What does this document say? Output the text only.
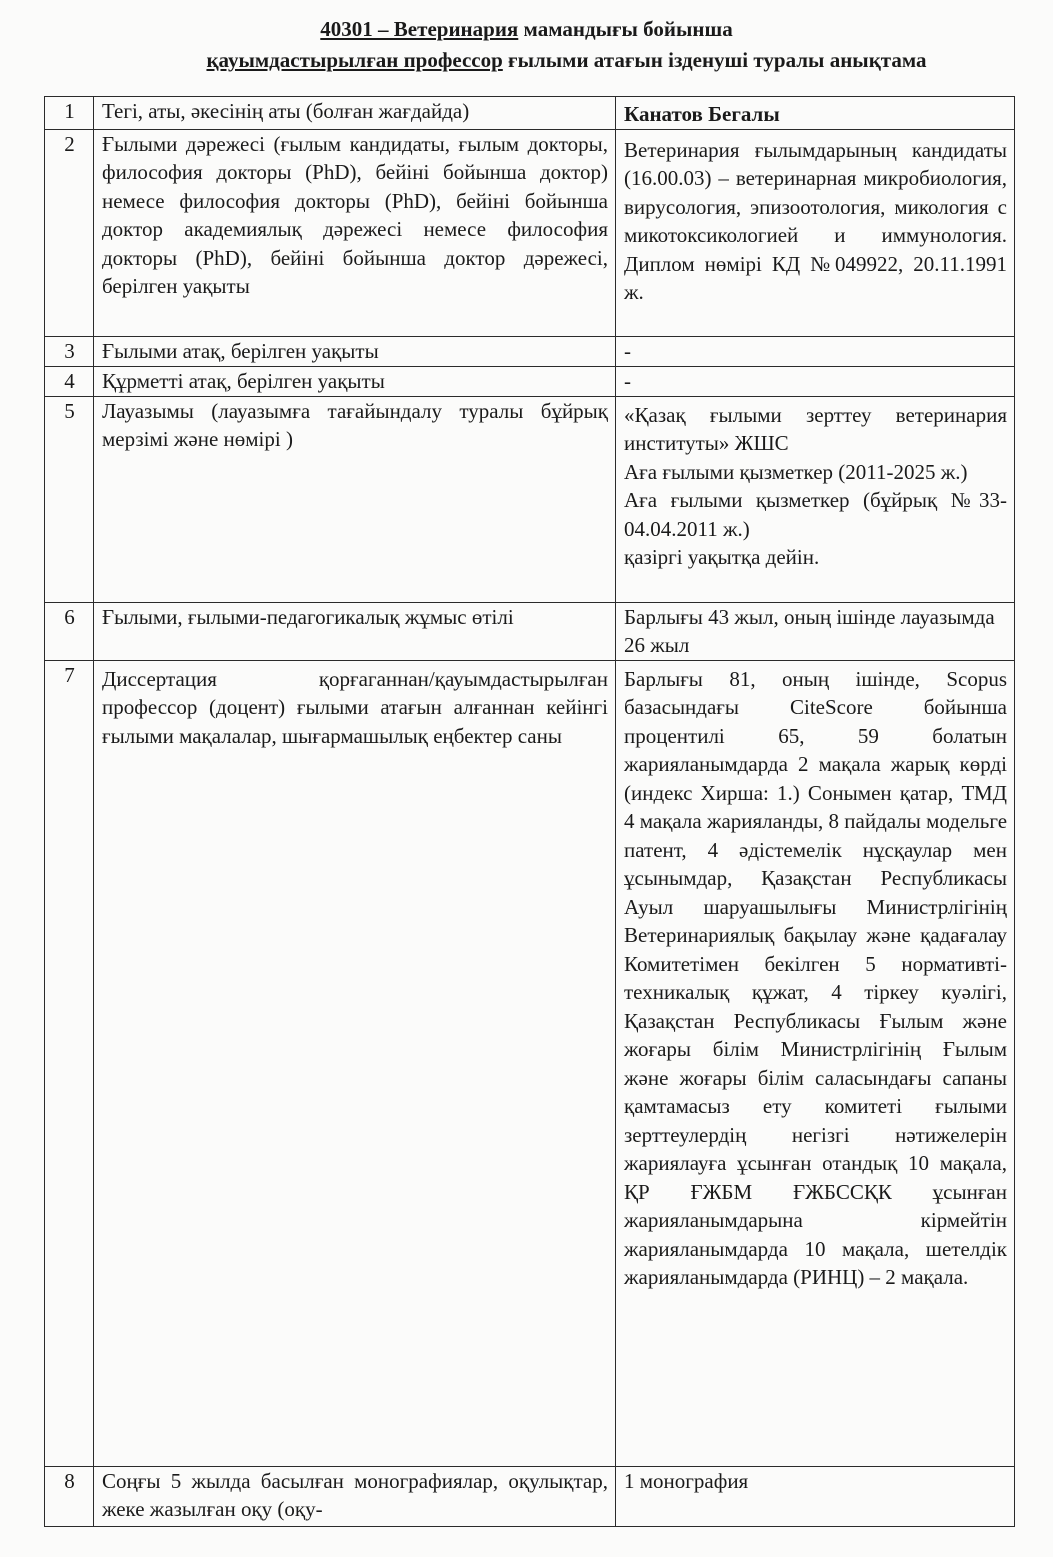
40301 – Ветеринария мамандығы бойынша
қауымдастырылған профессор ғылыми атағын ізденуші туралы анықтама
1	Тегі, аты, әкесінің аты (болған жағдайда)	Канатов Бегалы
2	Ғылыми дәрежесі (ғылым кандидаты, ғылым докторы, философия докторы (PhD), бейіні бойынша доктор) немесе философия докторы (PhD), бейіні бойынша доктор академиялық дәрежесі немесе философия докторы (PhD), бейіні бойынша доктор дәрежесі, берілген уақыты	Ветеринария ғылымдарының кандидаты (16.00.03) – ветеринарная микробиология, вирусология, эпизоотология, микология с микотоксикологией и иммунология. Диплом нөмірі КД №049922, 20.11.1991 ж.
3	Ғылыми атақ, берілген уақыты	-
4	Құрметті атақ, берілген уақыты	-
5	Лауазымы (лауазымға тағайындалу туралы бұйрық мерзімі және нөмірі )	«Қазақ ғылыми зерттеу ветеринария институты» ЖШС
Аға ғылыми қызметкер (2011-2025 ж.)
Аға ғылыми қызметкер (бұйрық №33-04.04.2011 ж.)
қазіргі уақытқа дейін.

6	Ғылыми, ғылыми-педагогикалық жұмыс өтілі	Барлығы 43 жыл, оның ішінде лауазымда 26 жыл
7	Диссертация қорғаганнан/қауымдастырылған профессор (доцент) ғылыми атағын алғаннан кейінгі ғылыми мақалалар, шығармашылық еңбектер саны	Барлығы 81, оның ішінде, Scopus базасындағы CiteScore бойынша процентилі 65, 59 болатын жарияланымдарда 2 мақала жарық көрді (индекс Хирша: 1.) Сонымен қатар, ТМД 4 мақала жарияланды, 8 пайдалы модельге патент, 4 әдістемелік нұсқаулар мен ұсынымдар, Қазақстан Республикасы Ауыл шаруашылығы Министрлігінің Ветеринариялық бақылау және қадағалау Комитетімен бекілген 5 нормативті-техникалық құжат, 4 тіркеу куәлігі, Қазақстан Республикасы Ғылым және жоғары білім Министрлігінің Ғылым және жоғары білім саласындағы сапаны қамтамасыз ету комитеті ғылыми зерттеулердің негізгі нәтижелерін жариялауға ұсынған отандық 10 мақала, ҚР ҒЖБМ ҒЖБССҚК ұсынған жарияланымдарына кірмейтін жарияланымдарда 10 мақала, шетелдік жарияланымдарда (РИНЦ) – 2 мақала.
8	Соңғы 5 жылда басылған монографиялар, оқулықтар, жеке жазылған оқу (оқу-	1 монография
